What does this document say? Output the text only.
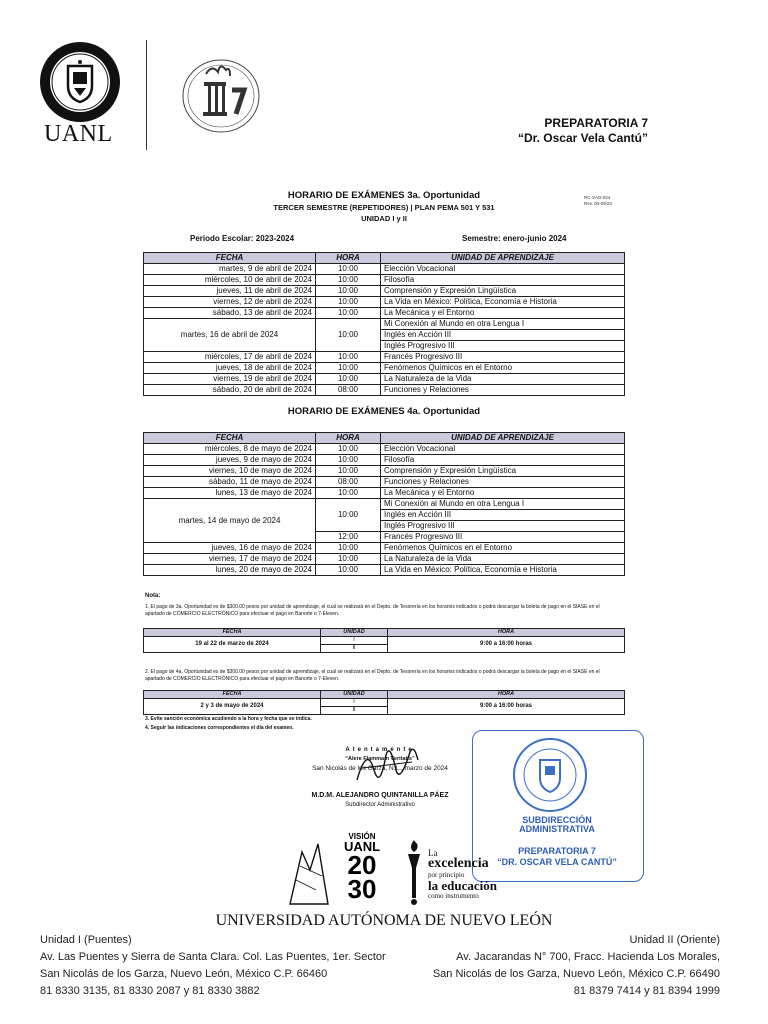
UANL	PREPARATORIA 7
“Dr. Oscar Vela Cantú”
HORARIO DE EXÁMENES 3a. Oportunidad
TERCER SEMESTRE (REPETIDORES) | PLAN PEMA 501 Y 531
UNIDAD I y II
RC-SAD-024
Rev. 00-09/23
Periodo Escolar: 2023-2024	Semestre: enero-junio 2024
FECHA	HORA	UNIDAD DE APRENDIZAJE
martes, 9 de abril de 2024	10:00	Elección Vocacional
miércoles, 10 de abril de 2024	10:00	Filosofía
jueves, 11 de abril de 2024	10:00	Comprensión y Expresión Lingüística
viernes, 12 de abril de 2024	10:00	La Vida en México: Política, Economía e Historia
sábado, 13 de abril de 2024	10:00	La Mecánica y el Entorno
martes, 16 de abril de 2024	10:00	Mi Conexión al Mundo en otra Lengua I
		Inglés en Acción III
		Inglés Progresivo III
miércoles, 17 de abril de 2024	10:00	Francés Progresivo III
jueves, 18 de abril de 2024	10:00	Fenómenos Químicos en el Entorno
viernes, 19 de abril de 2024	10:00	La Naturaleza de la Vida
sábado, 20 de abril de 2024	08:00	Funciones y Relaciones
HORARIO DE EXÁMENES 4a. Oportunidad
FECHA	HORA	UNIDAD DE APRENDIZAJE
miércoles, 8 de mayo de 2024	10:00	Elección Vocacional
jueves, 9 de mayo de 2024	10:00	Filosofía
viernes, 10 de mayo de 2024	10:00	Comprensión y Expresión Lingüística
sábado, 11 de mayo de 2024	08:00	Funciones y Relaciones
lunes, 13 de mayo de 2024	10:00	La Mecánica y el Entorno
martes, 14 de mayo de 2024	10:00	Mi Conexión al Mundo en otra Lengua I
		Inglés en Acción III
		Inglés Progresivo III
	12:00	Francés Progresivo III
jueves, 16 de mayo de 2024	10:00	Fenómenos Químicos en el Entorno
viernes, 17 de mayo de 2024	10:00	La Naturaleza de la Vida
lunes, 20 de mayo de 2024	10:00	La Vida en México: Política, Economía e Historia
Nota:
1. El pago de 3a. Oportunidad es de $300.00 pesos por unidad de aprendizaje, el cual se realizará en el Depto. de Tesorería en los horarios indicados o podrá descargar la boleta de pago en el SIASE en el apartado de COMERCIO ELECTRÓNICO para efectuar el pago en Banorte o 7-Eleven.
FECHA	UNIDAD	HORA
19 al 22 de marzo de 2024	I	9:00 a 16:00 horas
	II	
2. El pago de 4a. Oportunidad es de $300.00 pesos por unidad de aprendizaje, el cual se realizará en el Depto. de Tesorería en los horarios indicados o podrá descargar la boleta de pago en el SIASE en el apartado de COMERCIO ELECTRÓNICO para efectuar el pago en Banorte o 7-Eleven.
FECHA	UNIDAD	HORA
2 y 3 de mayo de 2024	I	9:00 a 16:00 horas
	II	
3. Evite sanción económica acudiendo a la hora y fecha que se indica.
4. Seguir las indicaciones correspondientes el día del examen.
Atentamente
“Alere Flammam Veritatis”
San Nicolás de los Garza, N.L., marzo de 2024
M.D.M. ALEJANDRO QUINTANILLA PÁEZ
Subdirector Administrativo
SUBDIRECCIÓN
ADMINISTRATIVA
PREPARATORIA 7
“DR. OSCAR VELA CANTÚ”
VISIÓN
UANL
20
30
La
excelencia
por principio
la educación
como instrumento
UNIVERSIDAD AUTÓNOMA DE NUEVO LEÓN
Unidad I (Puentes)
Av. Las Puentes y Sierra de Santa Clara. Col. Las Puentes, 1er. Sector
San Nicolás de los Garza, Nuevo León, México C.P. 66460
81 8330 3135, 81 8330 2087 y 81 8330 3882
Unidad II (Oriente)
Av. Jacarandas N° 700, Fracc. Hacienda Los Morales,
San Nicolás de los Garza, Nuevo León, México C.P. 66490
81 8379 7414 y 81 8394 1999
